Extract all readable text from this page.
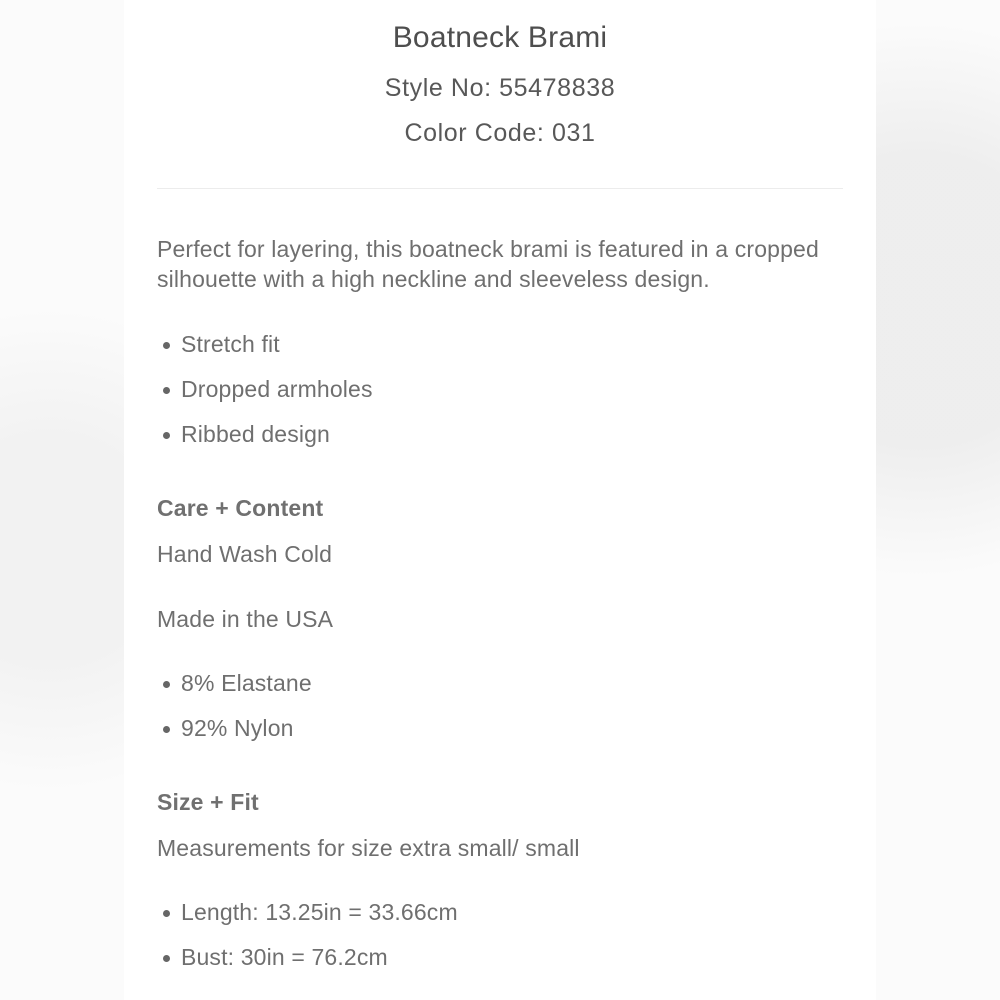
Boatneck Brami

Style No: 55478838

Color Code: 031

Perfect for layering, this boatneck brami is featured in a cropped silhouette with a high neckline and sleeveless design.

Stretch fit
Dropped armholes
Ribbed design

Care + Content

Hand Wash Cold

Made in the USA

8% Elastane
92% Nylon

Size + Fit

Measurements for size extra small/ small

Length: 13.25in = 33.66cm
Bust: 30in = 76.2cm
